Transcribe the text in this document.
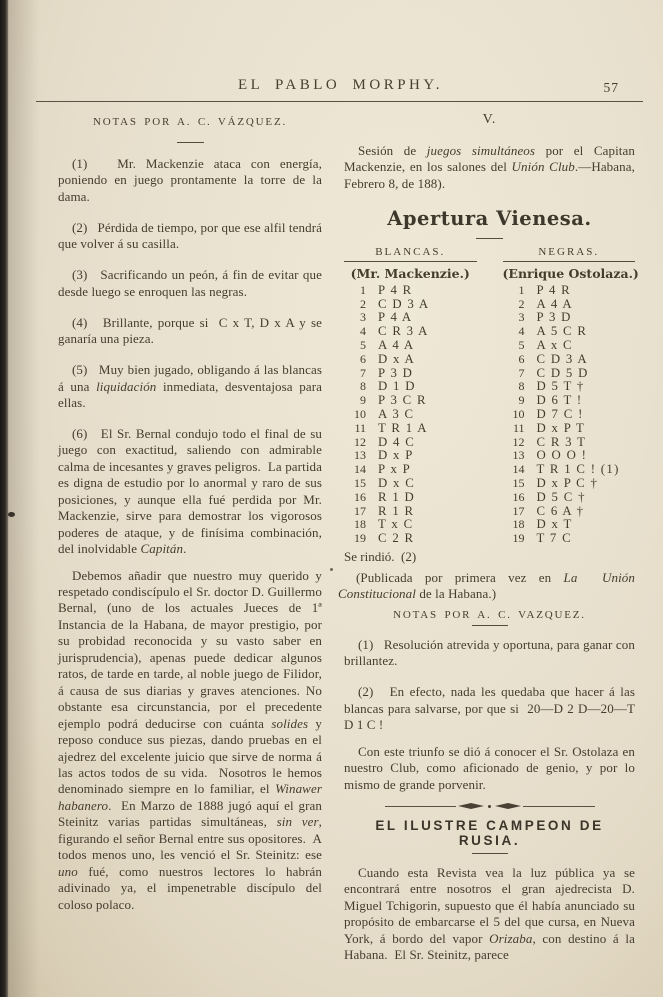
EL PABLO MORPHY.	57
NOTAS POR A. C. VÁZQUEZ.

(1)   Mr. Mackenzie ataca con energía, poniendo en juego prontamente la torre de la dama.

(2)   Pérdida de tiempo, por que ese alfil tendrá que volver á su casilla.

(3)   Sacrificando un peón, á fin de evitar que desde luego se enroquen las negras.

(4)   Brillante, porque si  C x T, D x A y se ganaría una pieza.

(5)   Muy bien jugado, obligando á las blancas á una liquidación inmediata, desventajosa para ellas.

(6)   El Sr. Bernal condujo todo el final de su juego con exactitud, saliendo con admirable calma de incesantes y graves peligros.  La partida es digna de estudio por lo anormal y raro de sus posiciones, y aunque ella fué perdida por Mr. Mackenzie, sirve para demostrar los vigorosos poderes de ataque, y de finísima combinación, del inolvidable Capitán.

Debemos añadir que nuestro muy querido y respetado condiscípulo el Sr. doctor D. Guillermo Bernal, (uno de los actuales Jueces de 1ª Instancia de la Habana, de mayor prestigio, por su probidad reconocida y su vasto saber en jurisprudencia), apenas puede dedicar algunos ratos, de tarde en tarde, al noble juego de Filidor, á causa de sus diarias y graves atenciones. No obstante esa circunstancia, por el precedente ejemplo podrá deducirse con cuánta solides y reposo conduce sus piezas, dando pruebas en el ajedrez del excelente juicio que sirve de norma á las actos todos de su vida.  Nosotros le hemos denominado siempre en lo familiar, el Winawer habanero.  En Marzo de 1888 jugó aquí el gran Steinitz varias partidas simultáneas, sin ver, figurando el señor Bernal entre sus opositores.  A todos menos uno, les venció el Sr. Steinitz: ese uno fué, como nuestros lectores lo habrán adivinado ya, el impenetrable discípulo del coloso polaco.

V.

Sesión de juegos simultáneos por el Capitan Mackenzie, en los salones del Unión Club.—Habana, Febrero 8, de 188).

Apertura Vienesa.
BLANCAS.
(Mr. Mackenzie.)
1 P 4 R
2 C D 3 A
3 P 4 A
4 C R 3 A
5 A 4 A
6 D x A
7 P 3 D
8 D 1 D
9 P 3 C R
10 A 3 C
11 T R 1 A
12 D 4 C
13 D x P
14 P x P
15 D x C
16 R 1 D
17 R 1 R
18 T x C
19 C 2 R
NEGRAS.
(Enrique Ostolaza.)
1 P 4 R
2 A 4 A
3 P 3 D
4 A 5 C R
5 A x C
6 C D 3 A
7 C D 5 D
8 D 5 T †
9 D 6 T !
10 D 7 C !
11 D x P T
12 C R 3 T
13 O O O !
14 T R 1 C ! (1)
15 D x P C †
16 D 5 C †
17 C 6 A †
18 D x T
19 T 7 C

Se rindió.  (2)

(Publicada por primera vez en La  Unión Constitucional de la Habana.)

NOTAS POR A. C. VAZQUEZ.

(1)   Resolución atrevida y oportuna, para ganar con brillantez.

(2)   En efecto, nada les quedaba que hacer á las blancas para salvarse, por que si  20—D 2 D—20—T D 1 C !

Con este triunfo se dió á conocer el Sr. Ostolaza en nuestro Club, como aficionado de genio, y por lo mismo de grande porvenir.

EL ILUSTRE CAMPEON DE RUSIA.

Cuando esta Revista vea la luz pública ya se encontrará entre nosotros el gran ajedrecista D. Miguel Tchigorin, supuesto que él había anunciado su propósito de embarcarse el 5 del que cursa, en Nueva York, á bordo del vapor Orizaba, con destino á la Habana.  El Sr. Steinitz, parece
